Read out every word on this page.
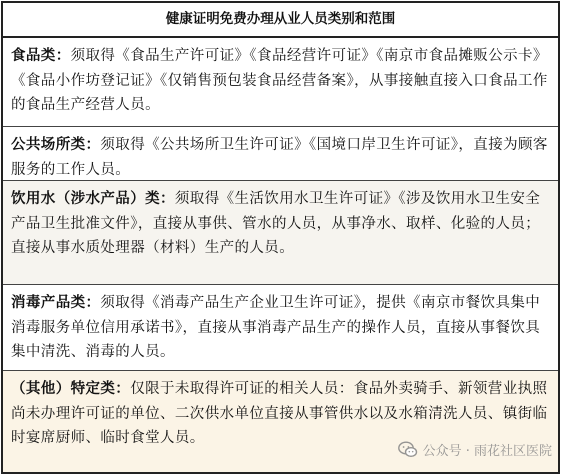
健康证明免费办理从业人员类别和范围
食品类：须取得《食品生产许可证》《食品经营许可证》《南京市食品摊贩公示卡》《食品小作坊登记证》《仅销售预包装食品经营备案》，从事接触直接入口食品工作的食品生产经营人员。
公共场所类：须取得《公共场所卫生许可证》《国境口岸卫生许可证》，直接为顾客服务的工作人员。
饮用水（涉水产品）类：须取得《生活饮用水卫生许可证》《涉及饮用水卫生安全产品卫生批准文件》，直接从事供、管水的人员，从事净水、取样、化验的人员；直接从事水质处理器（材料）生产的人员。
消毒产品类：须取得《消毒产品生产企业卫生许可证》，提供《南京市餐饮具集中消毒服务单位信用承诺书》，直接从事消毒产品生产的操作人员，直接从事餐饮具集中清洗、消毒的人员。
（其他）特定类：仅限于未取得许可证的相关人员：食品外卖骑手、新领营业执照尚未办理许可证的单位、二次供水单位直接从事管供水以及水箱清洗人员、镇街临时宴席厨师、临时食堂人员。
公众号 · 雨花社区医院
